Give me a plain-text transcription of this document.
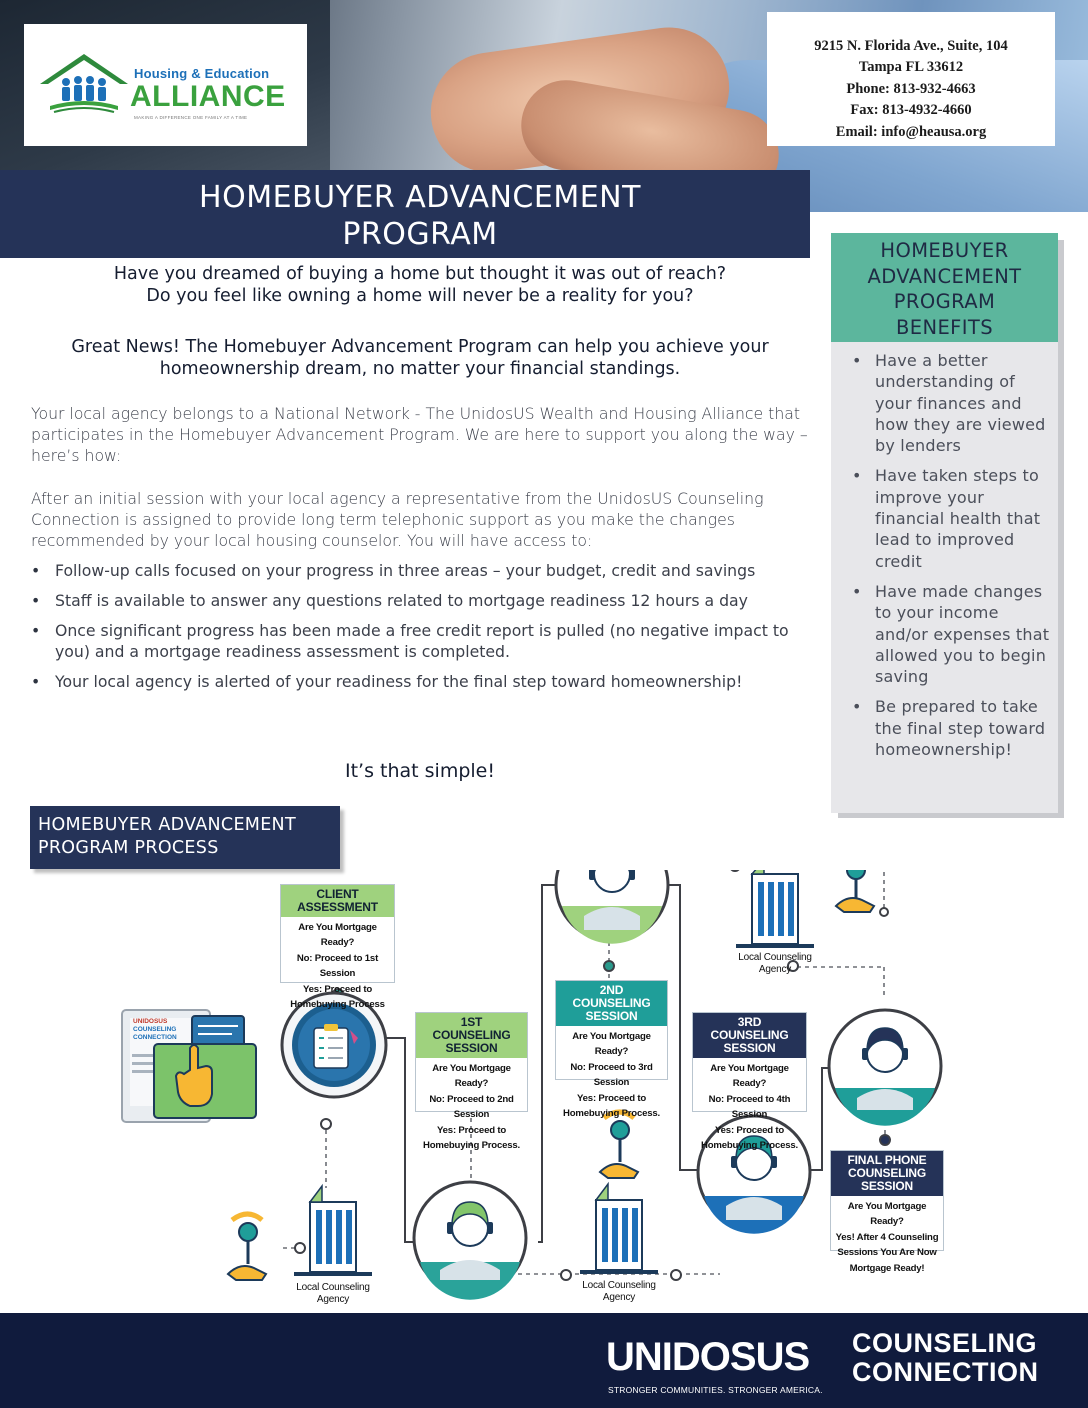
Housing & Education
ALLIANCE
MAKING A DIFFERENCE ONE FAMILY AT A TIME
9215 N. Florida Ave., Suite, 104
Tampa FL 33612
Phone: 813-932-4663
Fax: 813-4932-4660
Email: info@heausa.org
HOMEBUYER ADVANCEMENT
PROGRAM
Have you dreamed of buying a home but thought it was out of reach?
Do you feel like owning a home will never be a reality for you?
Great News! The Homebuyer Advancement Program can help you achieve your
homeownership dream, no matter your financial standings.

Your local agency belongs to a National Network - The UnidosUS Wealth and Housing Alliance that participates in the Homebuyer Advancement Program. We are here to support you along the way – here’s how:

After an initial session with your local agency a representative from the UnidosUS Counseling Connection is assigned to provide long term telephonic support as you make the changes recommended by your local housing counselor. You will have access to:

• Follow-up calls focused on your progress in three areas – your budget, credit and savings
• Staff is available to answer any questions related to mortgage readiness 12 hours a day
• Once significant progress has been made a free credit report is pulled (no negative impact to you) and a mortgage readiness assessment is completed.
• Your local agency is alerted of your readiness for the final step toward homeownership!
It’s that simple!
HOMEBUYER
ADVANCEMENT
PROGRAM
BENEFITS
• Have a better understanding of your finances and how they are viewed by lenders
• Have taken steps to improve your financial health that lead to improved credit
• Have made changes to your income and/or expenses that allowed you to begin saving
• Be prepared to take the final step toward homeownership!
HOMEBUYER ADVANCEMENT
PROGRAM PROCESS
CLIENT
ASSESSMENT
Are You Mortgage Ready?
No: Proceed to 1st Session
Yes: Proceed to
Homebuying Process
1ST
COUNSELING SESSION
Are You Mortgage Ready?
No: Proceed to 2nd Session
Yes: Proceed to
Homebuying Process.
2ND
COUNSELING SESSION
Are You Mortgage Ready?
No: Proceed to 3rd Session
Yes: Proceed to
Homebuying Process.
3RD
COUNSELING SESSION
Are You Mortgage Ready?
No: Proceed to 4th Session
Yes: Proceed to
Homebuying Process.
FINAL PHONE
COUNSELING SESSION
Are You Mortgage Ready?
Yes! After 4 Counseling
Sessions You Are Now
Mortgage Ready!
UNIDOSUS
COUNSELING CONNECTION
Local Counseling
Agency
Local Counseling
Agency
Local Counseling
Agency
UNIDOSUS
STRONGER COMMUNITIES. STRONGER AMERICA.
COUNSELING
CONNECTION
